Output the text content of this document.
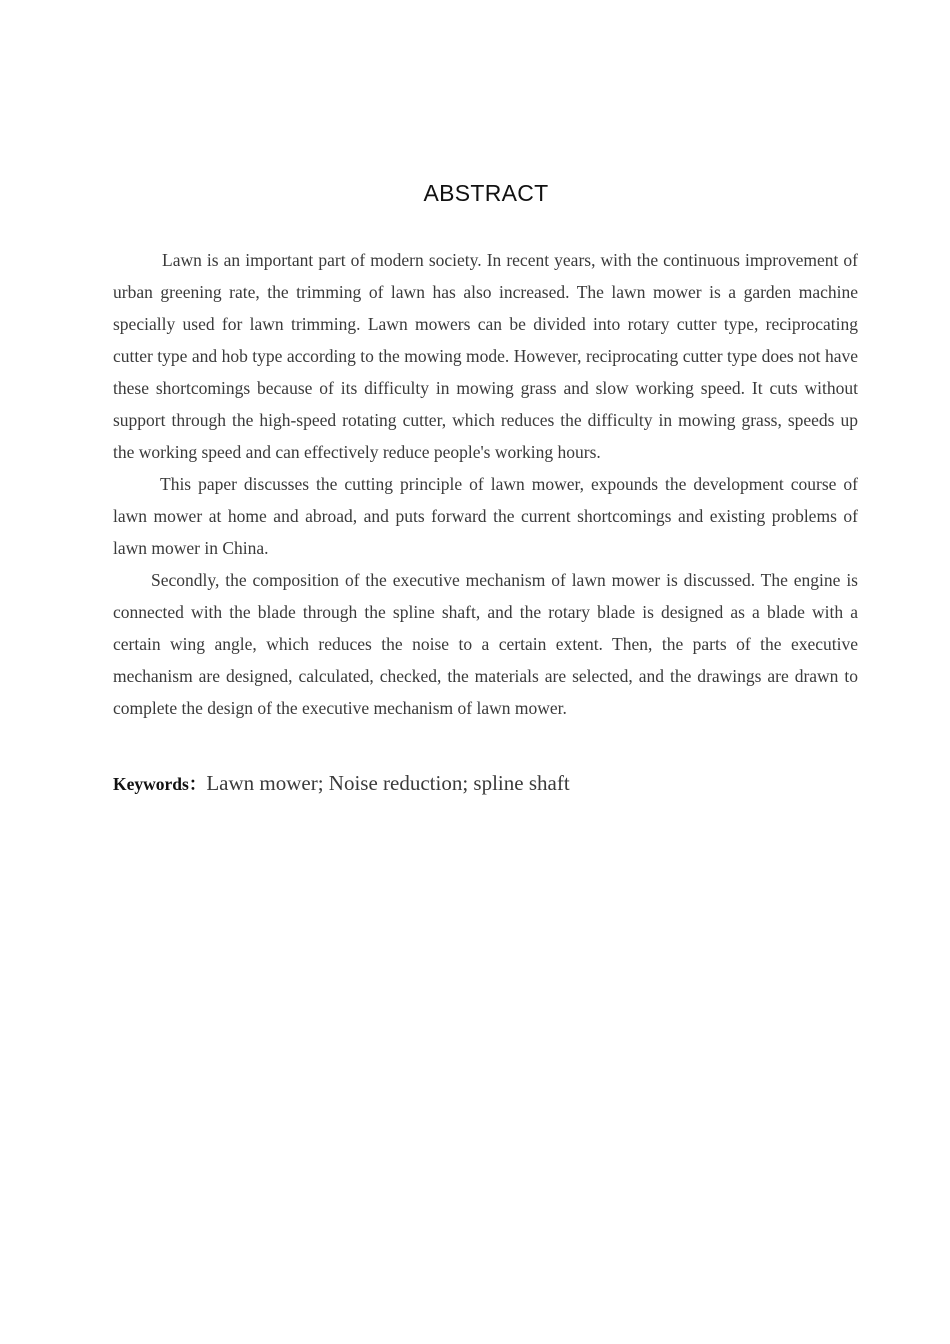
ABSTRACT

Lawn is an important part of modern society. In recent years, with the continuous improvement of urban greening rate, the trimming of lawn has also increased. The lawn mower is a garden machine specially used for lawn trimming. Lawn mowers can be divided into rotary cutter type, reciprocating cutter type and hob type according to the mowing mode. However, reciprocating cutter type does not have these shortcomings because of its difficulty in mowing grass and slow working speed. It cuts without support through the high-speed rotating cutter, which reduces the difficulty in mowing grass, speeds up the working speed and can effectively reduce people's working hours.

This paper discusses the cutting principle of lawn mower, expounds the development course of lawn mower at home and abroad, and puts forward the current shortcomings and existing problems of lawn mower in China.

Secondly, the composition of the executive mechanism of lawn mower is discussed. The engine is connected with the blade through the spline shaft, and the rotary blade is designed as a blade with a certain wing angle, which reduces the noise to a certain extent. Then, the parts of the executive mechanism are designed, calculated, checked, the materials are selected, and the drawings are drawn to complete the design of the executive mechanism of lawn mower.

Keywords：Lawn mower; Noise reduction; spline shaft
